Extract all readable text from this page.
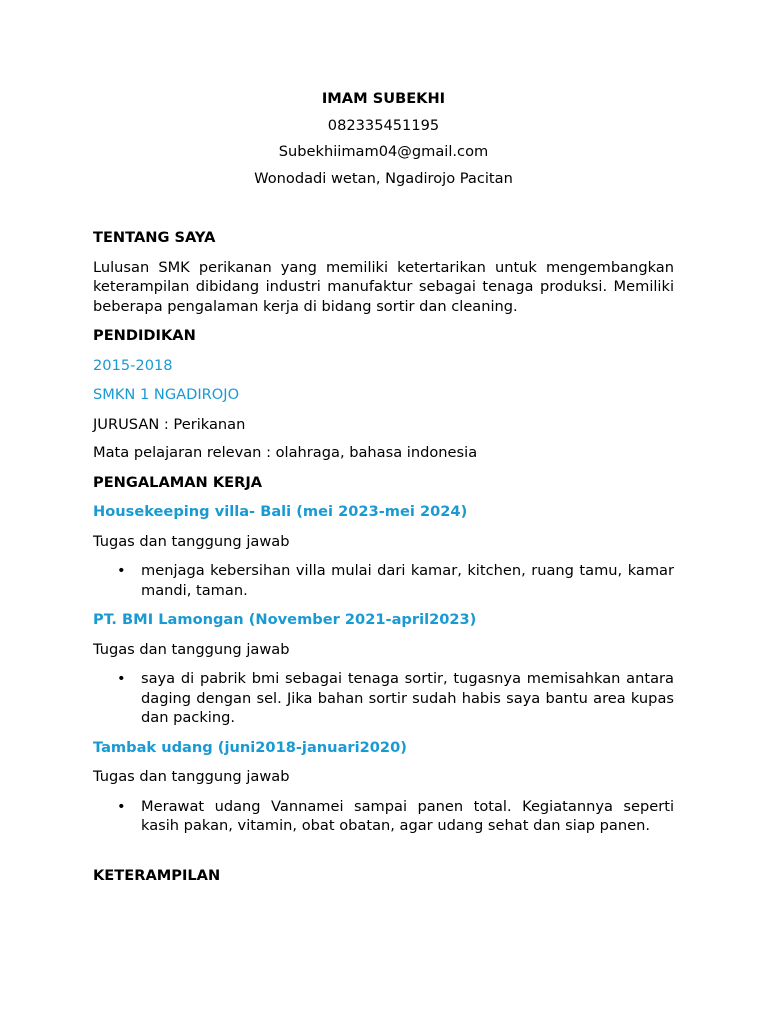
IMAM SUBEKHI
082335451195
Subekhiimam04@gmail.com
Wonodadi wetan, Ngadirojo Pacitan
TENTANG SAYA
Lulusan SMK perikanan yang memiliki ketertarikan untuk mengembangkan keterampilan dibidang industri manufaktur sebagai tenaga produksi. Memiliki beberapa pengalaman kerja di bidang sortir dan cleaning.
PENDIDIKAN
2015-2018
SMKN 1 NGADIROJO
JURUSAN : Perikanan
Mata pelajaran relevan : olahraga, bahasa indonesia
PENGALAMAN KERJA
Housekeeping villa- Bali (mei 2023-mei 2024)
Tugas dan tanggung jawab
• menjaga kebersihan villa mulai dari kamar, kitchen, ruang tamu, kamar mandi, taman.
PT. BMI Lamongan (November 2021-april2023)
Tugas dan tanggung jawab
• saya di pabrik bmi sebagai tenaga sortir, tugasnya memisahkan antara daging dengan sel. Jika bahan sortir sudah habis saya bantu area kupas dan packing.
Tambak udang (juni2018-januari2020)
Tugas dan tanggung jawab
• Merawat udang Vannamei sampai panen total. Kegiatannya seperti kasih pakan, vitamin, obat obatan, agar udang sehat dan siap panen.
KETERAMPILAN
